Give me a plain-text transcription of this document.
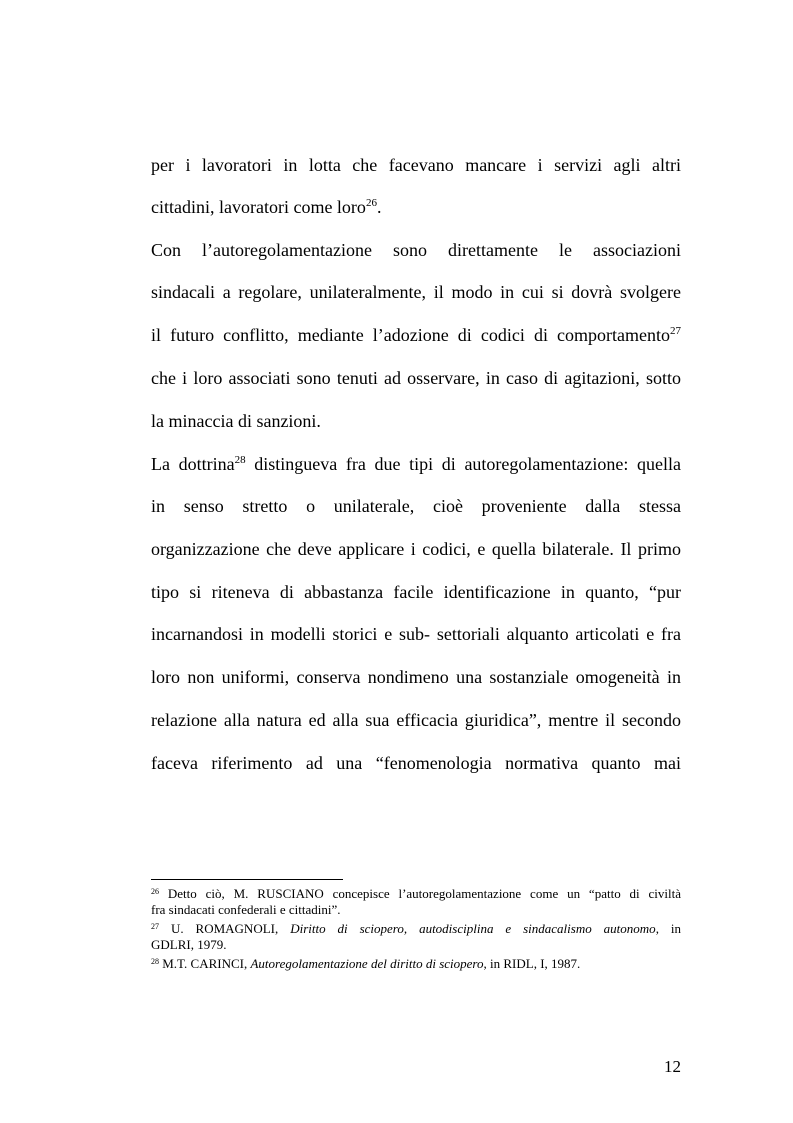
per i lavoratori in lotta che facevano mancare i servizi agli altri
cittadini, lavoratori come loro$^{26}$.
Con l’autoregolamentazione sono direttamente le associazioni
sindacali a regolare, unilateralmente, il modo in cui si dovrà svolgere
il futuro conflitto, mediante l’adozione di codici di comportamento$^{27}$
che i loro associati sono tenuti ad osservare, in caso di agitazioni, sotto
la minaccia di sanzioni.
La dottrina$^{28}$ distingueva fra due tipi di autoregolamentazione: quella
in senso stretto o unilaterale, cioè proveniente dalla stessa
organizzazione che deve applicare i codici, e quella bilaterale. Il primo
tipo si riteneva di abbastanza facile identificazione in quanto, “pur
incarnandosi in modelli storici e sub- settoriali alquanto articolati e fra
loro non uniformi, conserva nondimeno una sostanziale omogeneità in
relazione alla natura ed alla sua efficacia giuridica”, mentre il secondo
faceva riferimento ad una “fenomenologia normativa quanto mai
$^{26}$ Detto ciò, M. RUSCIANO concepisce l’autoregolamentazione come un “patto di civiltà
fra sindacati confederali e cittadini”.
$^{27}$ U. ROMAGNOLI, Diritto di sciopero, autodisciplina e sindacalismo autonomo, in
GDLRI, 1979.
$^{28}$ M.T. CARINCI, Autoregolamentazione del diritto di sciopero, in RIDL, I, 1987.
12
